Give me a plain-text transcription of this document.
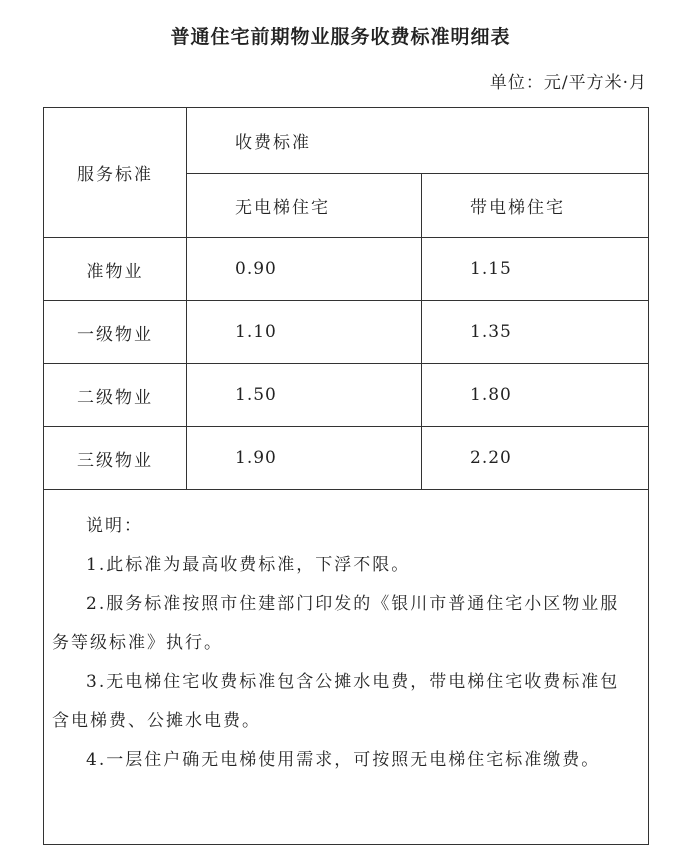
普通住宅前期物业服务收费标准明细表
单位：元/平方米·月
服务标准	收费标准	
	无电梯住宅	带电梯住宅
准物业	0.90	1.15
一级物业	1.10	1.35
二级物业	1.50	1.80
三级物业	1.90	2.20

说明：

1.此标准为最高收费标准，下浮不限。

2.服务标准按照市住建部门印发的《银川市普通住宅小区物业服务等级标准》执行。

3.无电梯住宅收费标准包含公摊水电费，带电梯住宅收费标准包含电梯费、公摊水电费。

4.一层住户确无电梯使用需求，可按照无电梯住宅标准缴费。		
